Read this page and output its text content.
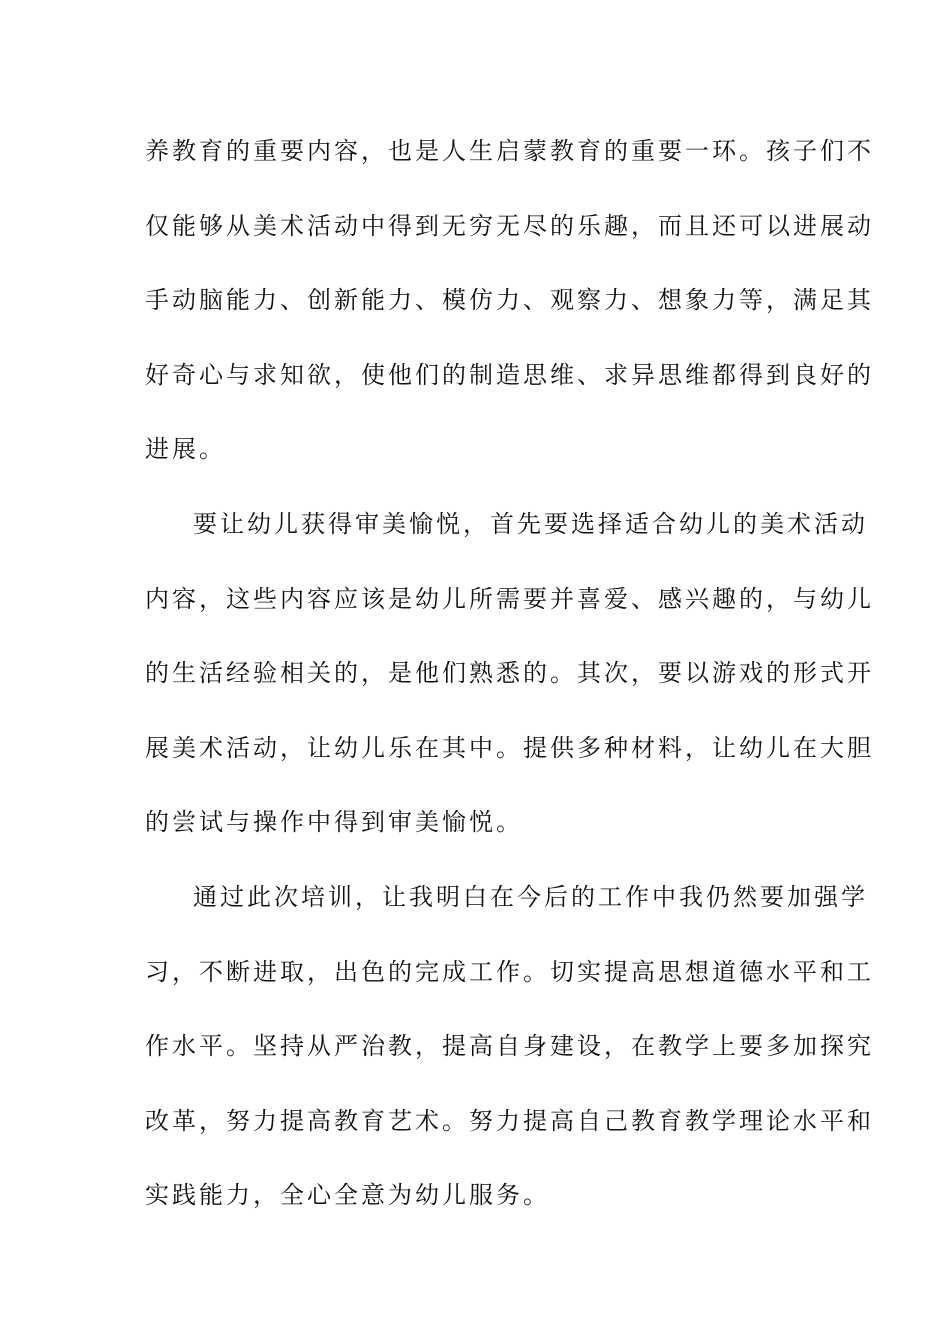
养教育的重要内容，也是人生启蒙教育的重要一环。孩子们不
仅能够从美术活动中得到无穷无尽的乐趣，而且还可以进展动
手动脑能力、创新能力、模仿力、观察力、想象力等，满足其
好奇心与求知欲，使他们的制造思维、求异思维都得到良好的
进展。
要让幼儿获得审美愉悦，首先要选择适合幼儿的美术活动
内容，这些内容应该是幼儿所需要并喜爱、感兴趣的，与幼儿
的生活经验相关的，是他们熟悉的。其次，要以游戏的形式开
展美术活动，让幼儿乐在其中。提供多种材料，让幼儿在大胆
的尝试与操作中得到审美愉悦。
通过此次培训，让我明白在今后的工作中我仍然要加强学
习，不断进取，出色的完成工作。切实提高思想道德水平和工
作水平。坚持从严治教，提高自身建设，在教学上要多加探究
改革，努力提高教育艺术。努力提高自己教育教学理论水平和
实践能力，全心全意为幼儿服务。
